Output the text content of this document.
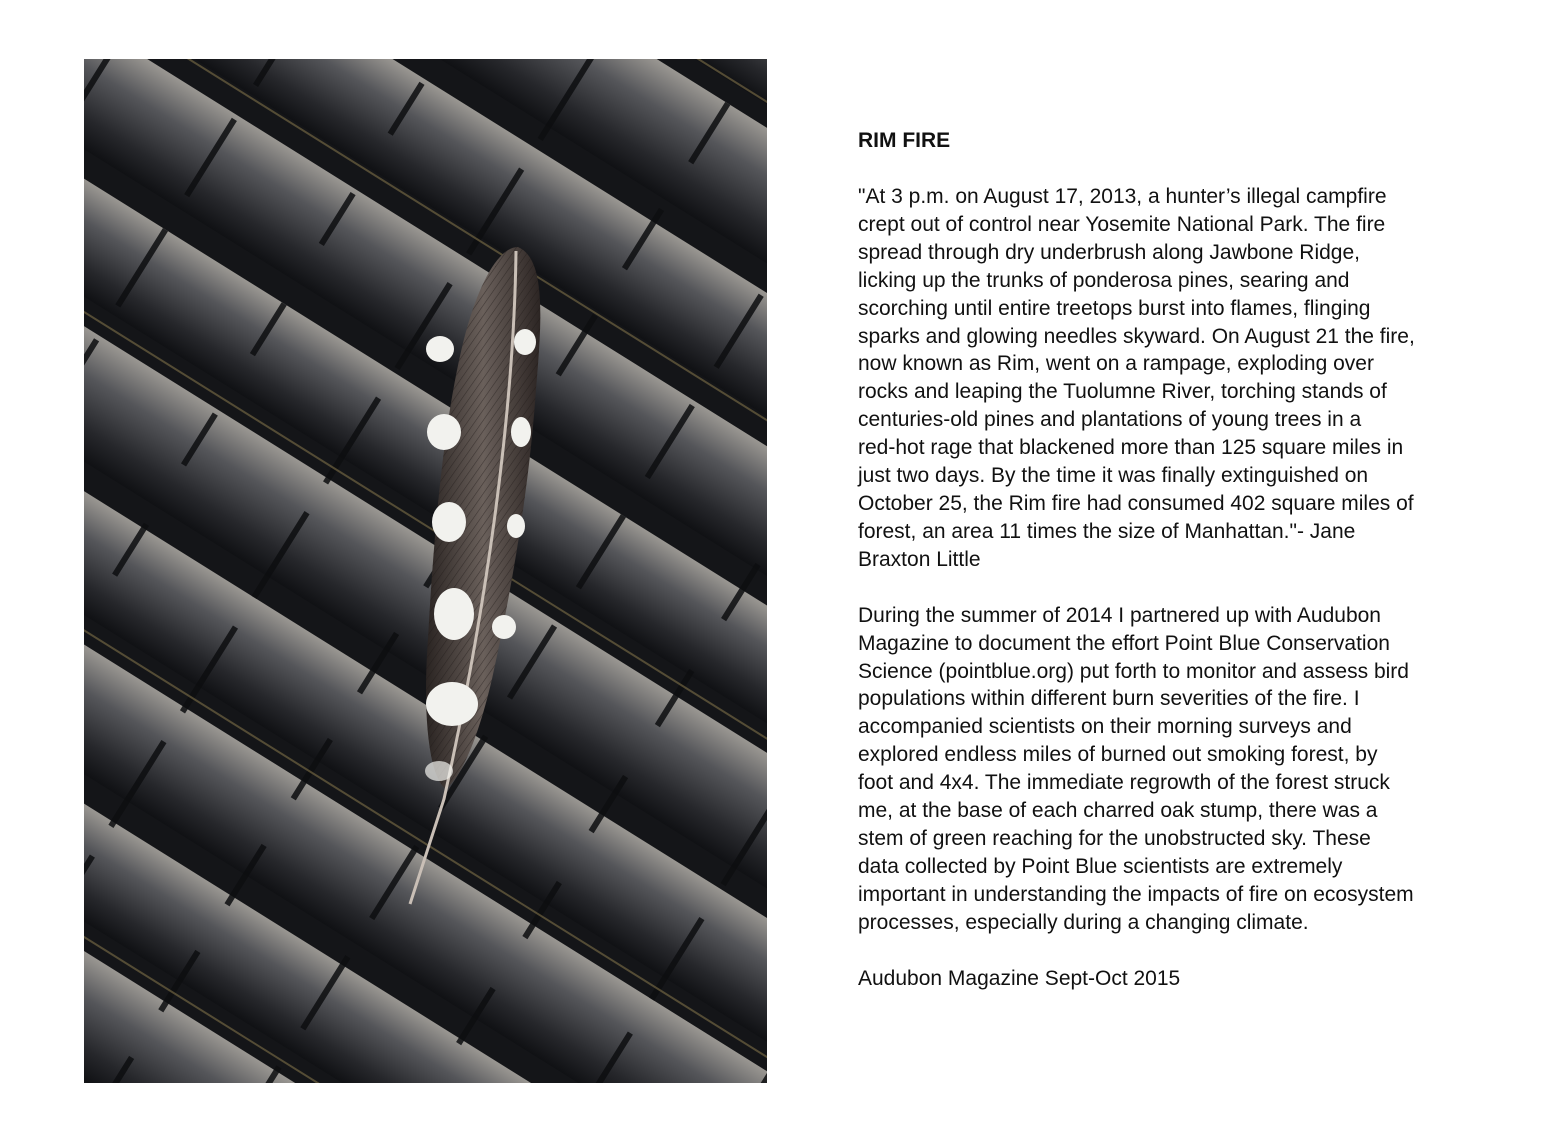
RIM FIRE

"At 3 p.m. on August 17, 2013, a hunter’s illegal campfire
crept out of control near Yosemite National Park. The fire
spread through dry underbrush along Jawbone Ridge,
licking up the trunks of ponderosa pines, searing and
scorching until entire treetops burst into flames, flinging
sparks and glowing needles skyward. On August 21 the fire,
now known as Rim, went on a rampage, exploding over
rocks and leaping the Tuolumne River, torching stands of
centuries-old pines and plantations of young trees in a
red-hot rage that blackened more than 125 square miles in
just two days. By the time it was finally extinguished on
October 25, the Rim fire had consumed 402 square miles of
forest, an area 11 times the size of Manhattan."- Jane
Braxton Little

During the summer of 2014 I partnered up with Audubon
Magazine to document the effort Point Blue Conservation
Science (pointblue.org) put forth to monitor and assess bird
populations within different burn severities of the fire. I
accompanied scientists on their morning surveys and
explored endless miles of burned out smoking forest, by
foot and 4x4. The immediate regrowth of the forest struck
me, at the base of each charred oak stump, there was a
stem of green reaching for the unobstructed sky. These
data collected by Point Blue scientists are extremely
important in understanding the impacts of fire on ecosystem
processes, especially during a changing climate.

Audubon Magazine Sept-Oct 2015
